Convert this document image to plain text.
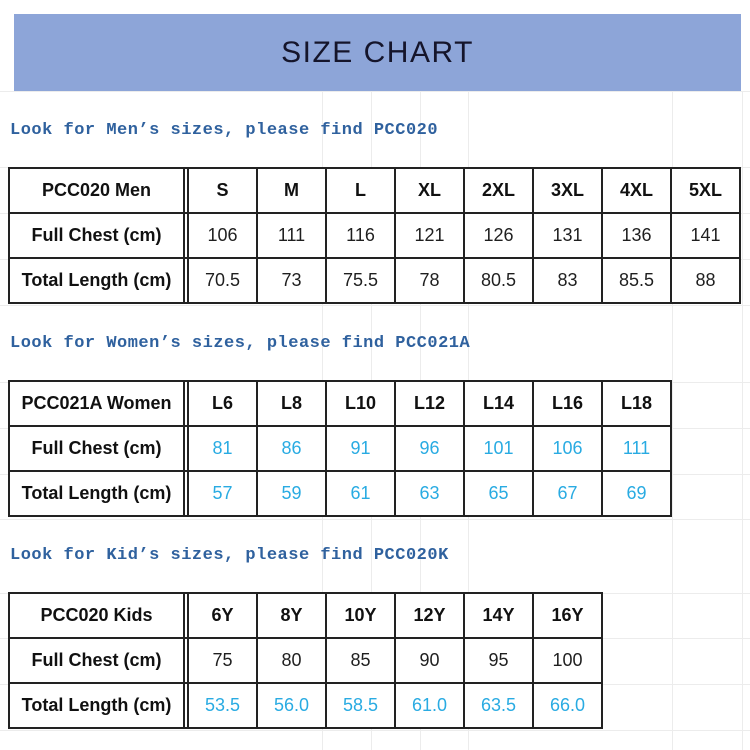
SIZE CHART
Look for Men’s sizes, please find PCC020
PCC020 Men		S	M	L	XL	2XL	3XL	4XL	5XL
Full Chest (cm)		106	111	116	121	126	131	136	141
Total Length (cm)		70.5	73	75.5	78	80.5	83	85.5	88
Look for Women’s sizes, please find PCC021A
PCC021A Women		L6	L8	L10	L12	L14	L16	L18
Full Chest (cm)		81	86	91	96	101	106	111
Total Length (cm)		57	59	61	63	65	67	69
Look for Kid’s sizes, please find PCC020K
PCC020 Kids		6Y	8Y	10Y	12Y	14Y	16Y
Full Chest (cm)		75	80	85	90	95	100
Total Length (cm)		53.5	56.0	58.5	61.0	63.5	66.0
